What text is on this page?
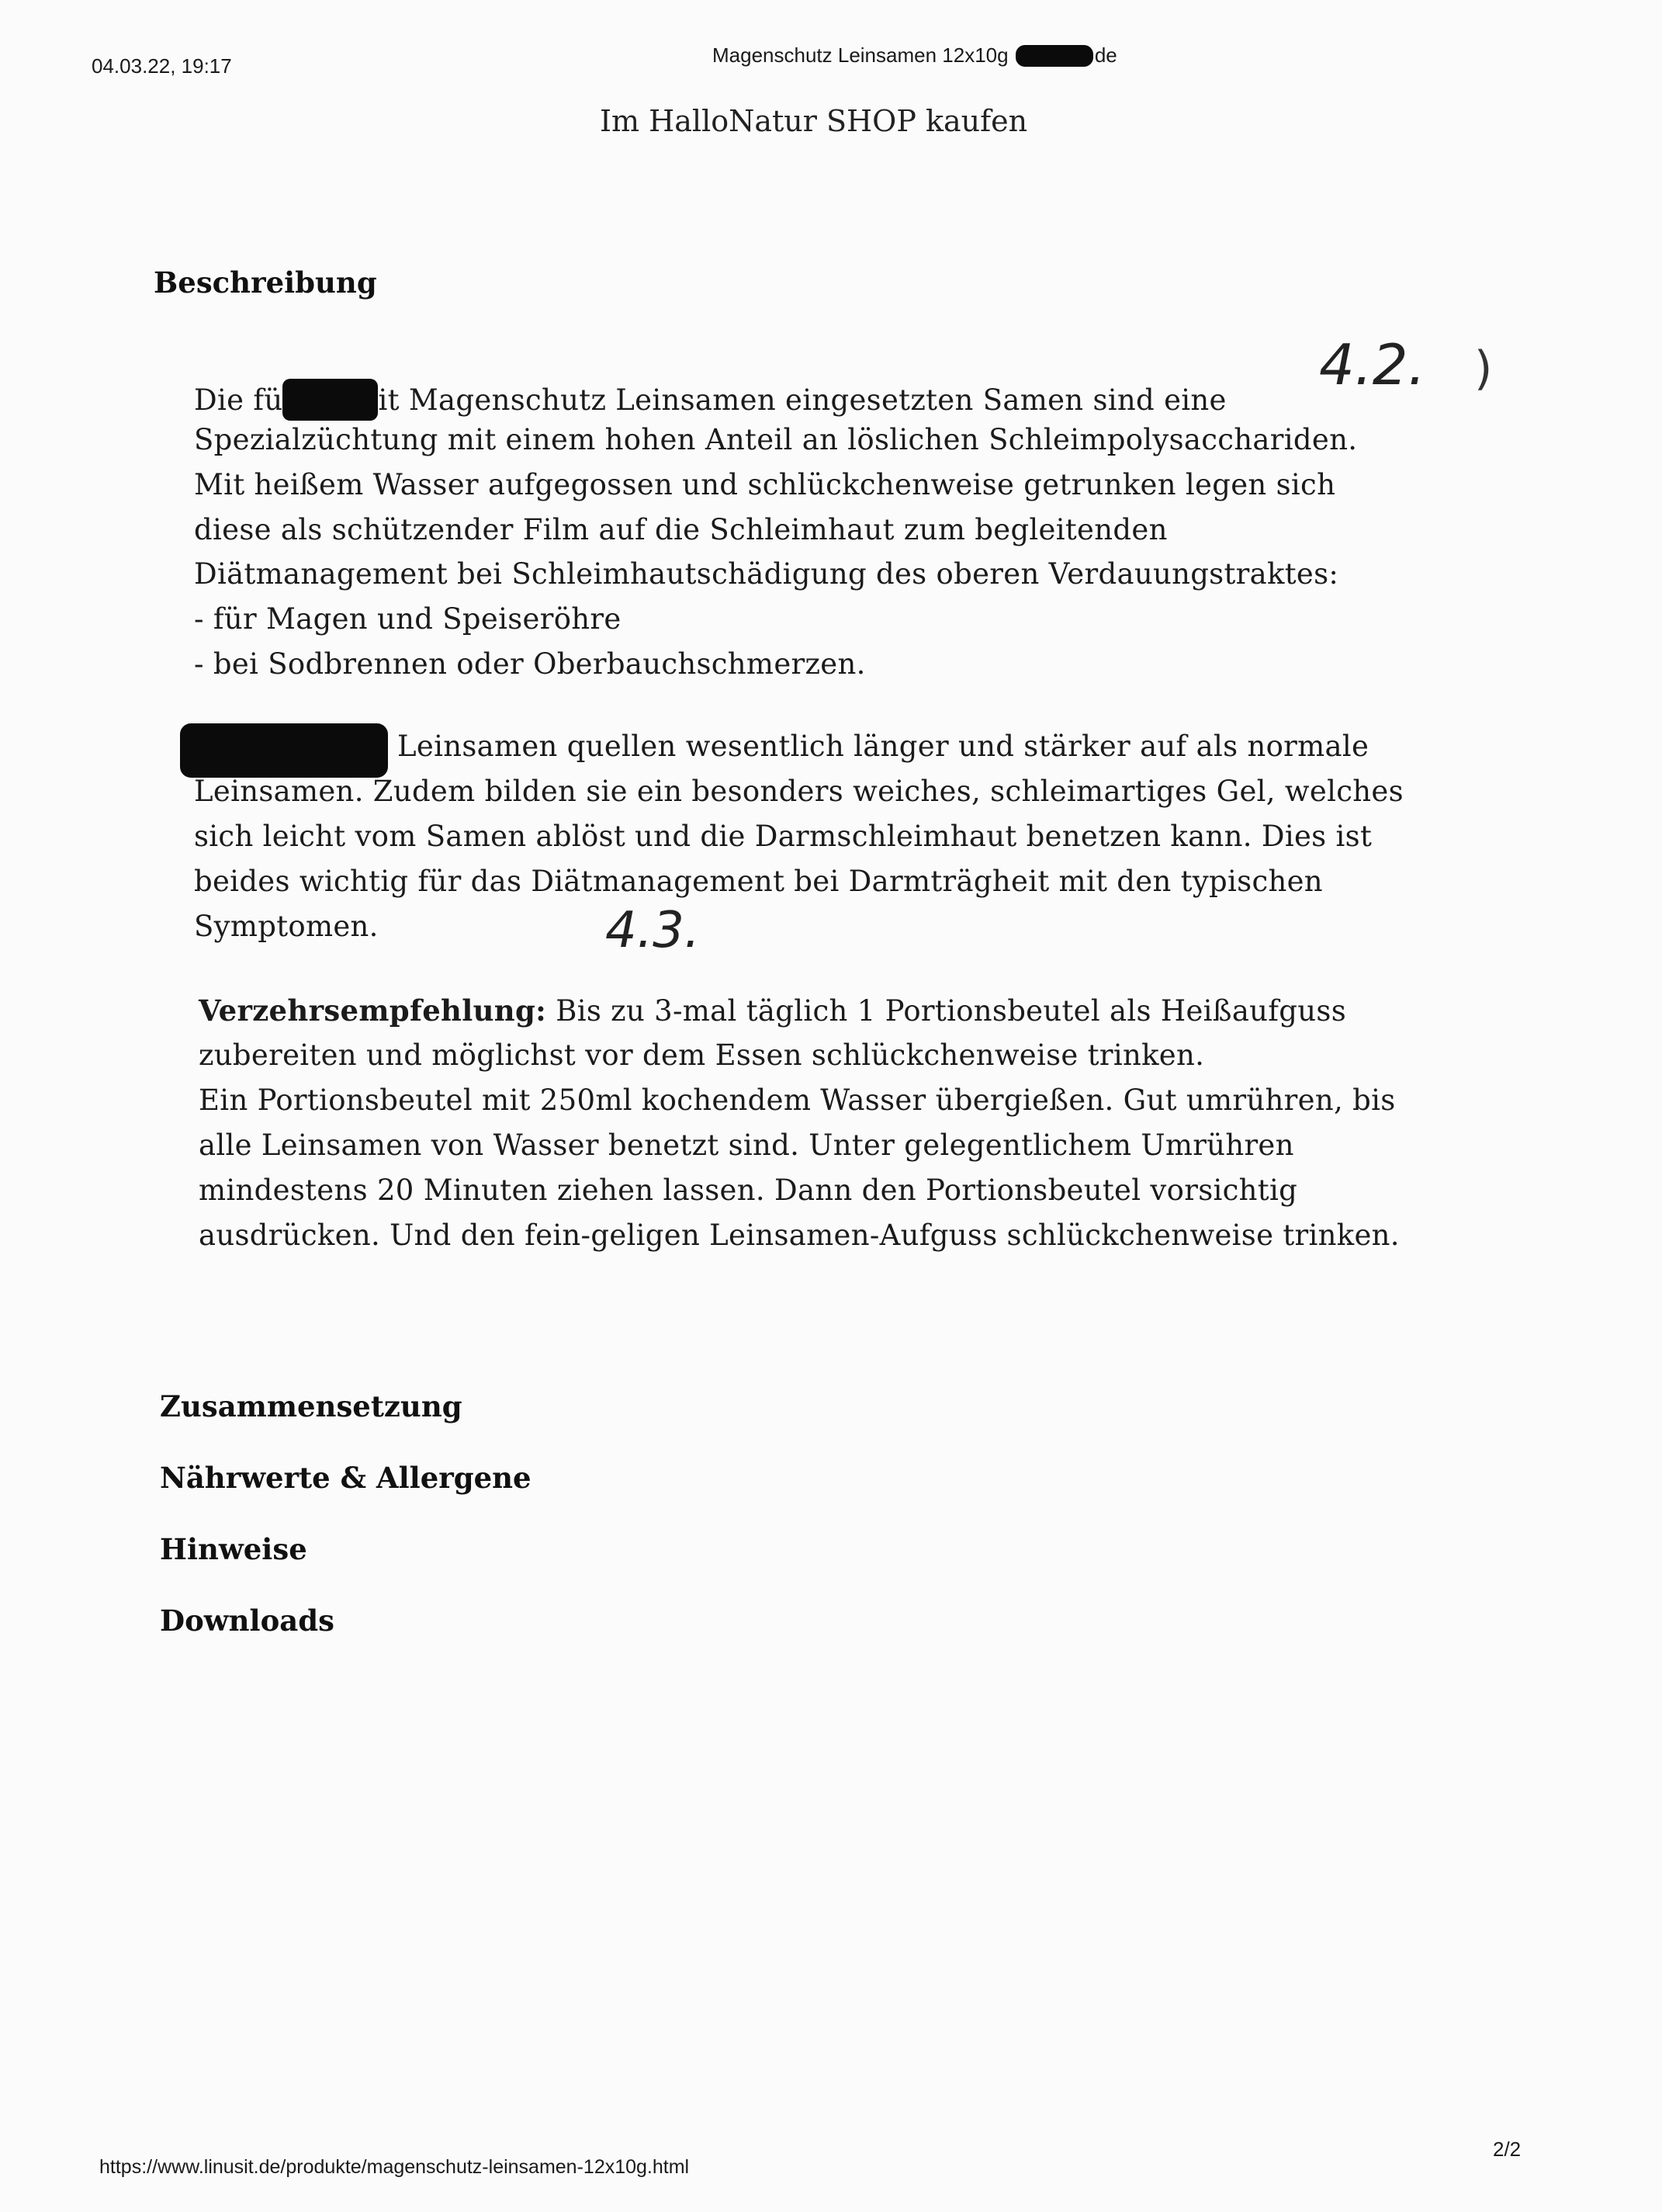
04.03.22, 19:17	Magenschutz Leinsamen 12x10g	de
Im HalloNatur SHOP kaufen
Beschreibung
Die fü	it Magenschutz Leinsamen eingesetzten Samen sind eine
Spezialzüchtung mit einem hohen Anteil an löslichen Schleimpolysacchariden.
Mit heißem Wasser aufgegossen und schlückchenweise getrunken legen sich
diese als schützender Film auf die Schleimhaut zum begleitenden
Diätmanagement bei Schleimhautschädigung des oberen Verdauungstraktes:
- für Magen und Speiseröhre
- bei Sodbrennen oder Oberbauchschmerzen.
4.2. )
Leinsamen quellen wesentlich länger und stärker auf als normale
Leinsamen. Zudem bilden sie ein besonders weiches, schleimartiges Gel, welches
sich leicht vom Samen ablöst und die Darmschleimhaut benetzen kann. Dies ist
beides wichtig für das Diätmanagement bei Darmträgheit mit den typischen
Symptomen.	4.3.
Verzehrsempfehlung: Bis zu 3-mal täglich 1 Portionsbeutel als Heißaufguss
zubereiten und möglichst vor dem Essen schlückchenweise trinken.
Ein Portionsbeutel mit 250ml kochendem Wasser übergießen. Gut umrühren, bis
alle Leinsamen von Wasser benetzt sind. Unter gelegentlichem Umrühren
mindestens 20 Minuten ziehen lassen. Dann den Portionsbeutel vorsichtig
ausdrücken. Und den fein-geligen Leinsamen-Aufguss schlückchenweise trinken.
Zusammensetzung
Nährwerte & Allergene
Hinweise
Downloads
https://www.linusit.de/produkte/magenschutz-leinsamen-12x10g.html
2/2
